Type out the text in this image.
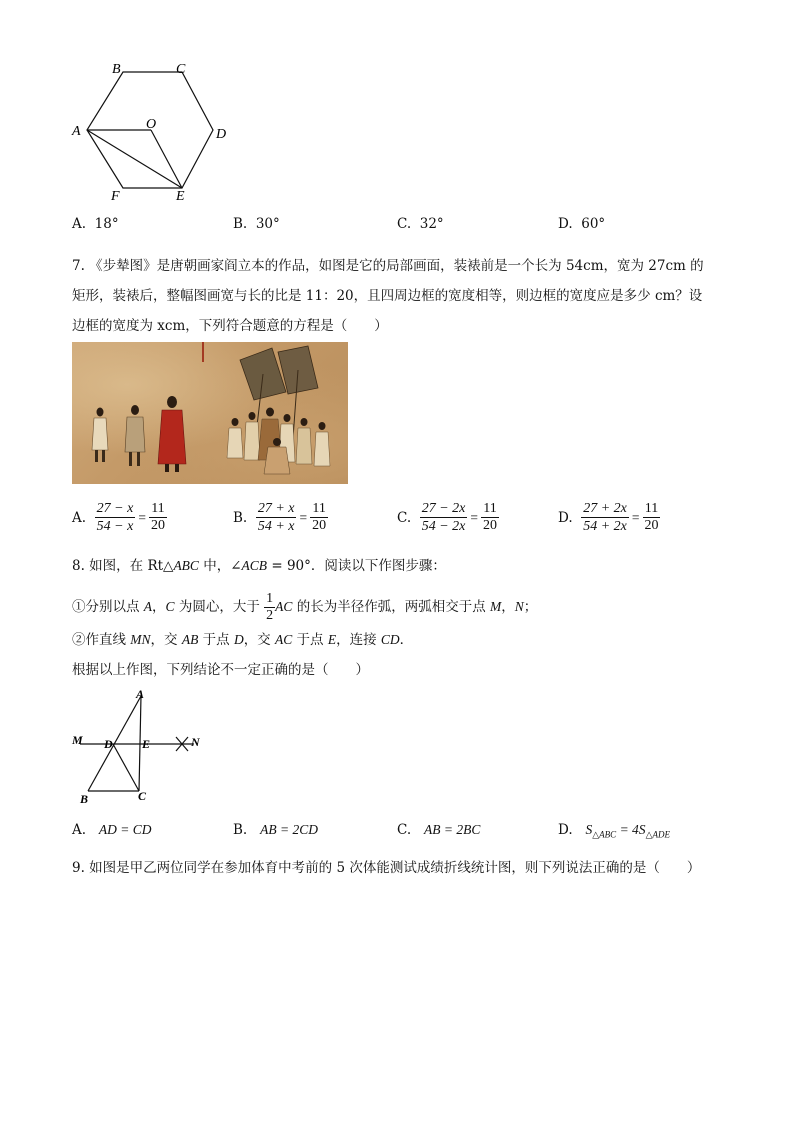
B	C
A	O
D
F	E
A. 18°	B. 30°	C. 32°	D. 60°
7. 《步辇图》是唐朝画家阎立本的作品，如图是它的局部画面，装裱前是一个长为 54cm，宽为 27cm 的
矩形，装裱后，整幅图画宽与长的比是 11：20，且四周边框的宽度相等，则边框的宽度应是多少 cm？设
边框的宽度为 xcm，下列符合题意的方程是（　　）
A. $\frac{27 - x}{54 - x} = \frac{11}{20}$	B. $\frac{27 + x}{54 + x} = \frac{11}{20}$	C. $\frac{27 - 2x}{54 - 2x} = \frac{11}{20}$	D. $\frac{27 + 2x}{54 + 2x} = \frac{11}{20}$
8. 如图，在 Rt△ABC 中，∠ACB = 90°．阅读以下作图步骤：
①分别以点 A，C 为圆心，大于 $\frac{1}{2}$ AC 的长为半径作弧，两弧相交于点 M，N；
②作直线 MN，交 AB 于点 D，交 AC 于点 E，连接 CD．
根据以上作图，下列结论不一定正确的是（　　）
A
M D E	N
B	C
A. AD = CD	B. AB = 2CD	C. AB = 2BC	D. $S_{\triangle ABC} = 4S_{\triangle ADE}$
9. 如图是甲乙两位同学在参加体育中考前的 5 次体能测试成绩折线统计图，则下列说法正确的是（　　）
